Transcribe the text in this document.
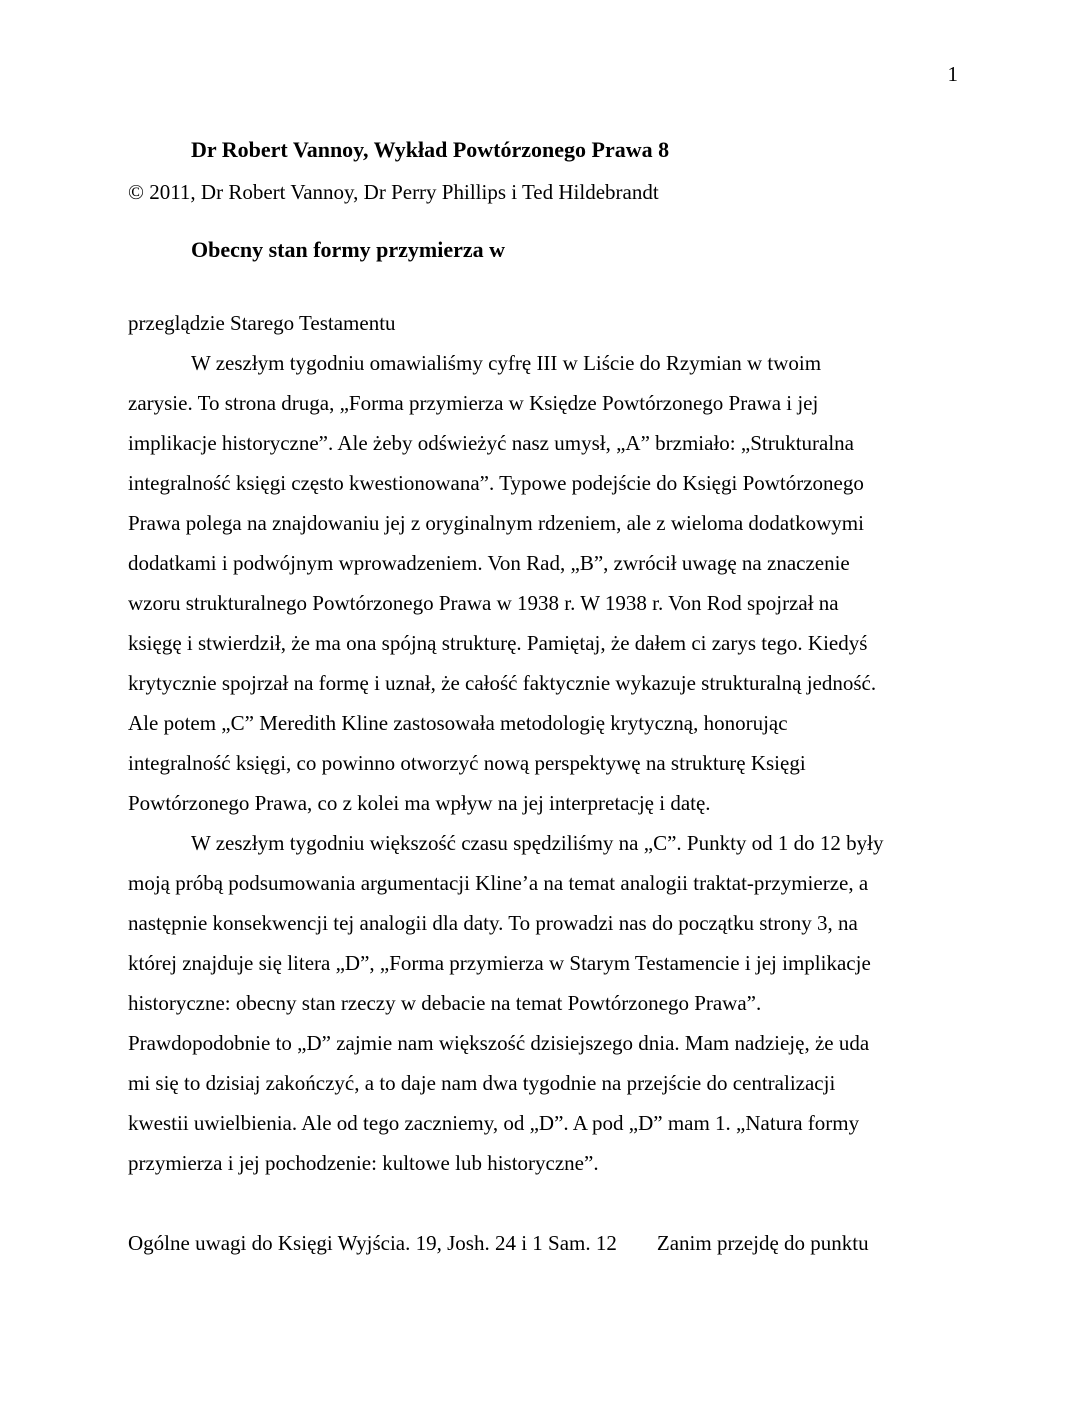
1
Dr Robert Vannoy, Wykład Powtórzonego Prawa 8
© 2011, Dr Robert Vannoy, Dr Perry Phillips i Ted Hildebrandt
Obecny stan formy przymierza w
przeglądzie Starego Testamentu
W zeszłym tygodniu omawialiśmy cyfrę III w Liście do Rzymian w twoim
zarysie. To strona druga, „Forma przymierza w Księdze Powtórzonego Prawa i jej
implikacje historyczne”. Ale żeby odświeżyć nasz umysł, „A” brzmiało: „Strukturalna
integralność księgi często kwestionowana”. Typowe podejście do Księgi Powtórzonego
Prawa polega na znajdowaniu jej z oryginalnym rdzeniem, ale z wieloma dodatkowymi
dodatkami i podwójnym wprowadzeniem. Von Rad, „B”, zwrócił uwagę na znaczenie
wzoru strukturalnego Powtórzonego Prawa w 1938 r. W 1938 r. Von Rod spojrzał na
księgę i stwierdził, że ma ona spójną strukturę. Pamiętaj, że dałem ci zarys tego. Kiedyś
krytycznie spojrzał na formę i uznał, że całość faktycznie wykazuje strukturalną jedność.
Ale potem „C” Meredith Kline zastosowała metodologię krytyczną, honorując
integralność księgi, co powinno otworzyć nową perspektywę na strukturę Księgi
Powtórzonego Prawa, co z kolei ma wpływ na jej interpretację i datę.
W zeszłym tygodniu większość czasu spędziliśmy na „C”. Punkty od 1 do 12 były
moją próbą podsumowania argumentacji Kline’a na temat analogii traktat-przymierze, a
następnie konsekwencji tej analogii dla daty. To prowadzi nas do początku strony 3, na
której znajduje się litera „D”, „Forma przymierza w Starym Testamencie i jej implikacje
historyczne: obecny stan rzeczy w debacie na temat Powtórzonego Prawa”.
Prawdopodobnie to „D” zajmie nam większość dzisiejszego dnia. Mam nadzieję, że uda
mi się to dzisiaj zakończyć, a to daje nam dwa tygodnie na przejście do centralizacji
kwestii uwielbienia. Ale od tego zaczniemy, od „D”. A pod „D” mam 1. „Natura formy
przymierza i jej pochodzenie: kultowe lub historyczne”.
Ogólne uwagi do Księgi Wyjścia. 19, Josh. 24 i 1 Sam. 12 Zanim przejdę do punktu
